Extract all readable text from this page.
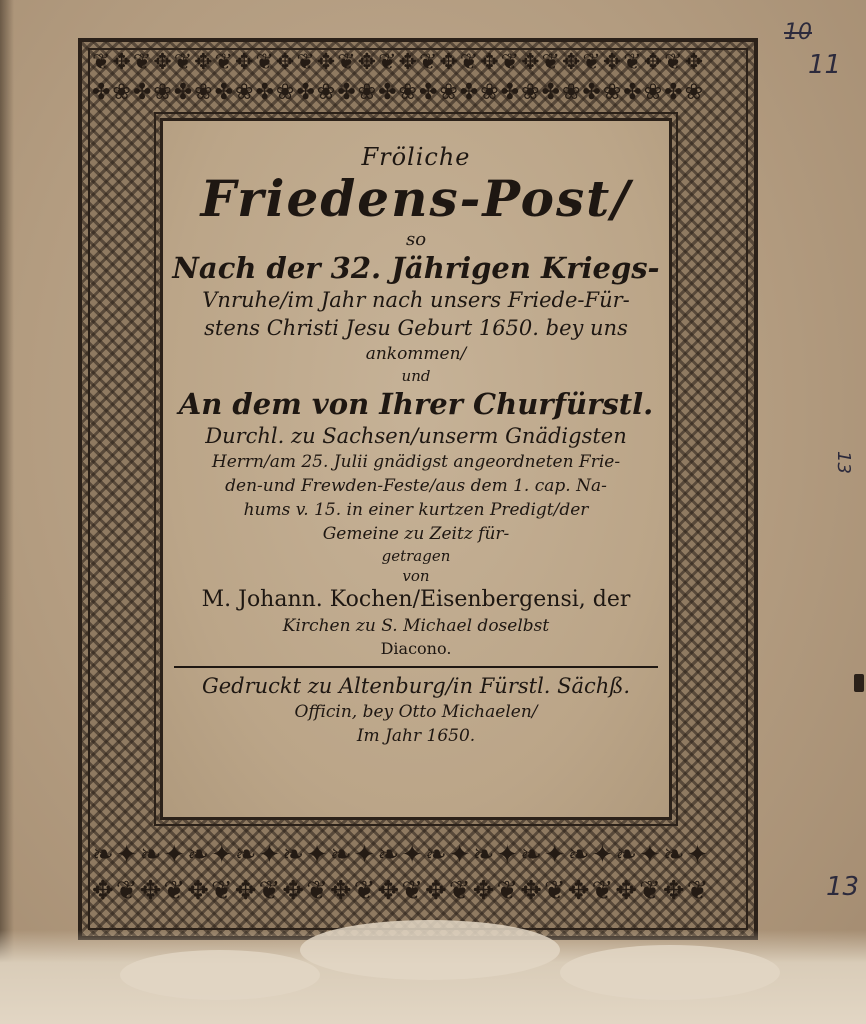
❦✥❦✥❦✥❦✥❦✥❦✥❦✥❦✥❦✥❦✥❦✥❦✥❦✥❦✥❦✥
✤❀✤❀✤❀✤❀✤❀✤❀✤❀✤❀✤❀✤❀✤❀✤❀✤❀✤❀✤❀
❧✦❧✦❧✦❧✦❧✦❧✦❧✦❧✦❧✦❧✦❧✦❧✦❧✦
✥❦✥❦✥❦✥❦✥❦✥❦✥❦✥❦✥❦✥❦✥❦✥❦✥❦
Fröliche
Friedens-Post/
so
Nach der 32. Jährigen Kriegs-
Vnruhe/im Jahr nach unsers Friede-Für-
stens Christi Jesu Geburt 1650. bey uns
ankommen/
und
An dem von Ihrer Churfürstl.
Durchl. zu Sachsen/unserm Gnädigsten
Herrn/am 25. Julii gnädigst angeordneten Frie-
den-und Frewden-Feste/aus dem 1. cap. Na-
hums v. 15. in einer kurtzen Predigt/der
Gemeine zu Zeitz für-
getragen
von
M. Johann. Kochen/Eisenbergensi, der
Kirchen zu S. Michael doselbst
Diacono.
Gedruckt zu Altenburg/in Fürstl. Sächß.
Officin, bey Otto Michaelen/
Im Jahr 1650.
10
11
13
13
